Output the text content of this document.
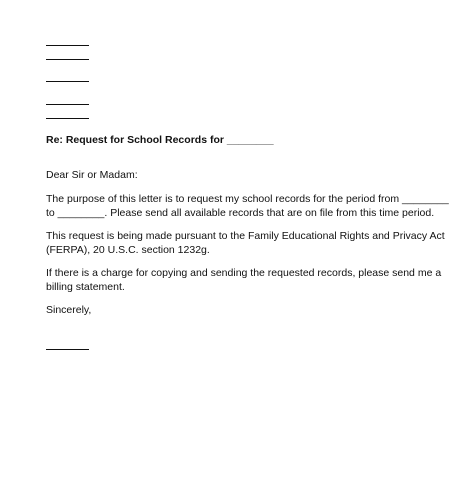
Re: Request for School Records for ________
Dear Sir or Madam:
The purpose of this letter is to request my school records for the period from ________
to ________. Please send all available records that are on file from this time period.
This request is being made pursuant to the Family Educational Rights and Privacy Act
(FERPA), 20 U.S.C. section 1232g.
If there is a charge for copying and sending the requested records, please send me a
billing statement.
Sincerely,
